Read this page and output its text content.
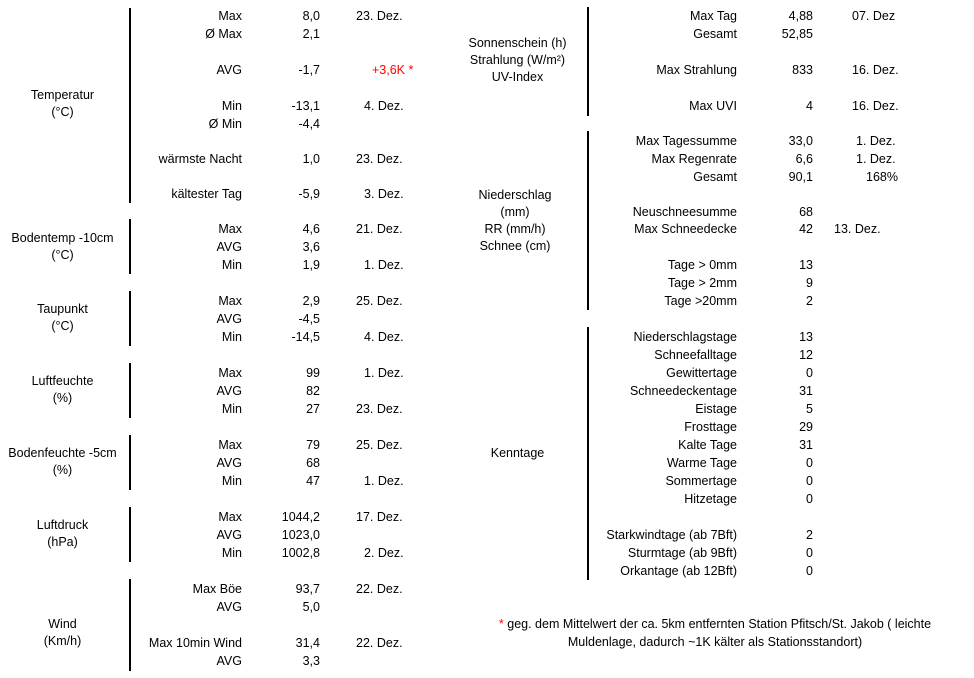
Temperatur
(°C)
Max	8,0	23. Dez.
Ø Max	2,1
AVG	-1,7	+3,6K *
Min	-13,1	4. Dez.
Ø Min	-4,4
wärmste Nacht	1,0	23. Dez.
kältester Tag	-5,9	3. Dez.
Bodentemp -10cm
(°C)
Max	4,6	21. Dez.
AVG	3,6
Min	1,9	1. Dez.
Taupunkt
(°C)
Max	2,9	25. Dez.
AVG	-4,5
Min	-14,5	4. Dez.
Luftfeuchte
(%)
Max	99	1. Dez.
AVG	82
Min	27	23. Dez.
Bodenfeuchte -5cm
(%)
Max	79	25. Dez.
AVG	68
Min	47	1. Dez.
Luftdruck
(hPa)
Max	1044,2	17. Dez.
AVG	1023,0
Min	1002,8	2. Dez.
Wind
(Km/h)
Max Böe	93,7	22. Dez.
AVG	5,0
Max 10min Wind	31,4	22. Dez.
AVG	3,3
Sonnenschein (h)
Strahlung (W/m²)
UV-Index
Max Tag	4,88	07. Dez
Gesamt	52,85
Max Strahlung	833	16. Dez.
Max UVI	4	16. Dez.
Niederschlag
(mm)
RR (mm/h)
Schnee (cm)
Max Tagessumme	33,0	1. Dez.
Max Regenrate	6,6	1. Dez.
Gesamt	90,1	168%
Neuschneesumme	68
Max Schneedecke	42 13. Dez.
Tage > 0mm	13
Tage > 2mm	9
Tage >20mm	2
Kenntage
Niederschlagstage	13
Schneefalltage	12
Gewittertage	0
Schneedeckentage	31
Eistage	5
Frosttage	29
Kalte Tage	31
Warme Tage	0
Sommertage	0
Hitzetage	0
Starkwindtage (ab 7Bft)	2
Sturmtage (ab 9Bft)	0
Orkantage (ab 12Bft)	0
* geg. dem Mittelwert der ca. 5km entfernten Station Pfitsch/St. Jakob ( leichte
Muldenlage, dadurch ~1K kälter als Stationsstandort)
